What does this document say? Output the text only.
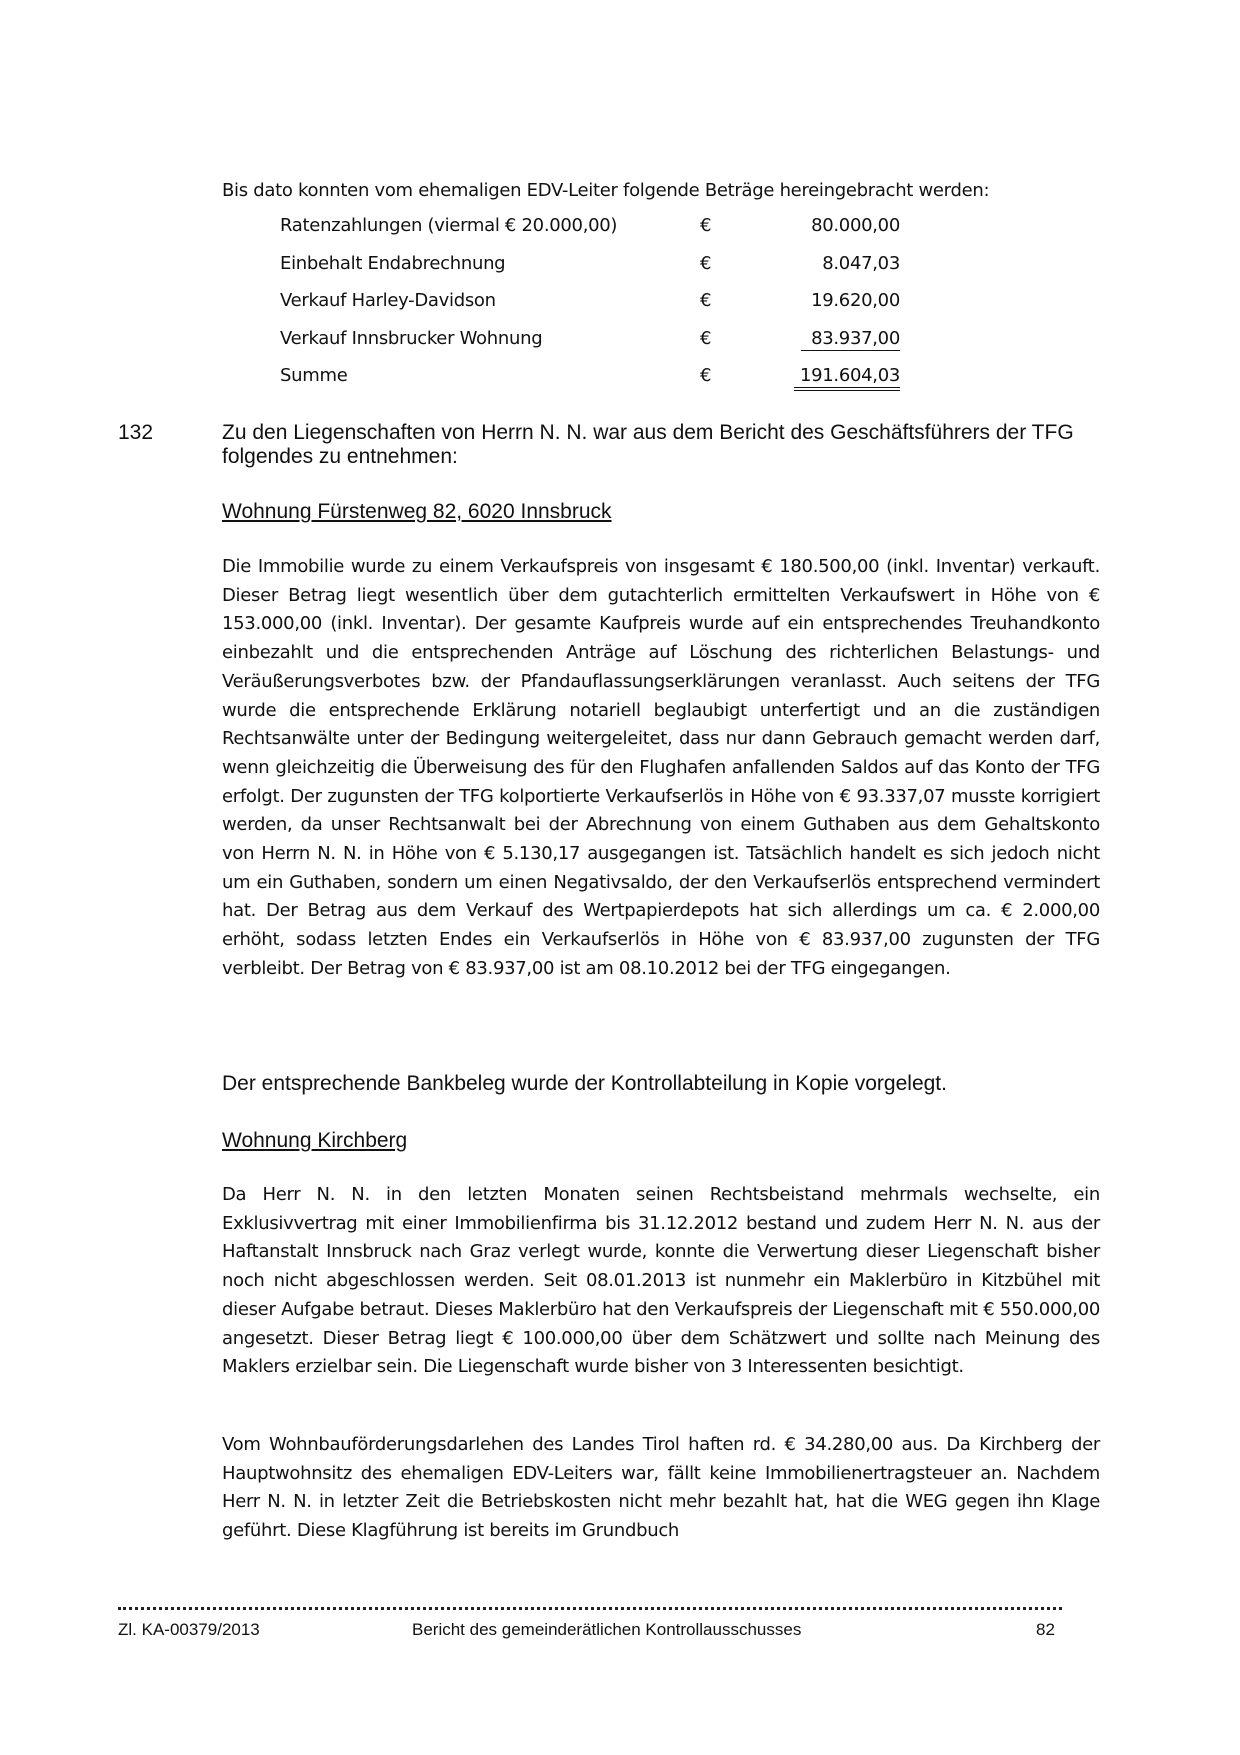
Bis dato konnten vom ehemaligen EDV-Leiter folgende Beträge hereingebracht werden:
Ratenzahlungen (viermal € 20.000,00)	€	80.000,00
Einbehalt Endabrechnung	€	8.047,03
Verkauf Harley-Davidson	€	19.620,00
Verkauf Innsbrucker Wohnung	€	83.937,00
Summe	€	191.604,03
132	Zu den Liegenschaften von Herrn N. N. war aus dem Bericht des Geschäftsführers der TFG folgendes zu entnehmen:
Wohnung Fürstenweg 82, 6020 Innsbruck
Die Immobilie wurde zu einem Verkaufspreis von insgesamt € 180.500,00 (inkl. Inventar) verkauft. Dieser Betrag liegt wesentlich über dem gutachterlich ermittelten Verkaufswert in Höhe von € 153.000,00 (inkl. Inventar). Der gesamte Kaufpreis wurde auf ein entsprechendes Treuhandkonto einbezahlt und die entsprechenden Anträge auf Löschung des richterlichen Belastungs- und Veräußerungsverbotes bzw. der Pfandauflassungserklärungen veranlasst. Auch seitens der TFG wurde die entsprechende Erklärung notariell beglaubigt unterfertigt und an die zuständigen Rechtsanwälte unter der Bedingung weitergeleitet, dass nur dann Gebrauch gemacht werden darf, wenn gleichzeitig die Überweisung des für den Flughafen anfallenden Saldos auf das Konto der TFG erfolgt. Der zugunsten der TFG kolportierte Verkaufserlös in Höhe von € 93.337,07 musste korrigiert werden, da unser Rechtsanwalt bei der Abrechnung von einem Guthaben aus dem Gehaltskonto von Herrn N. N. in Höhe von € 5.130,17 ausgegangen ist. Tatsächlich handelt es sich jedoch nicht um ein Guthaben, sondern um einen Negativsaldo, der den Verkaufserlös entsprechend vermindert hat. Der Betrag aus dem Verkauf des Wertpapierdepots hat sich allerdings um ca. € 2.000,00 erhöht, sodass letzten Endes ein Verkaufserlös in Höhe von € 83.937,00 zugunsten der TFG verbleibt. Der Betrag von € 83.937,00 ist am 08.10.2012 bei der TFG eingegangen.
Der entsprechende Bankbeleg wurde der Kontrollabteilung in Kopie vorgelegt.
Wohnung Kirchberg
Da Herr N. N. in den letzten Monaten seinen Rechtsbeistand mehrmals wechselte, ein Exklusivvertrag mit einer Immobilienfirma bis 31.12.2012 bestand und zudem Herr N. N. aus der Haftanstalt Innsbruck nach Graz verlegt wurde, konnte die Verwertung dieser Liegenschaft bisher noch nicht abgeschlossen werden. Seit 08.01.2013 ist nunmehr ein Maklerbüro in Kitzbühel mit dieser Aufgabe betraut. Dieses Maklerbüro hat den Verkaufspreis der Liegenschaft mit € 550.000,00 angesetzt. Dieser Betrag liegt € 100.000,00 über dem Schätzwert und sollte nach Meinung des Maklers erzielbar sein. Die Liegenschaft wurde bisher von 3 Interessenten besichtigt.
Vom Wohnbauförderungsdarlehen des Landes Tirol haften rd. € 34.280,00 aus. Da Kirchberg der Hauptwohnsitz des ehemaligen EDV-Leiters war, fällt keine Immobilienertragsteuer an. Nachdem Herr N. N. in letzter Zeit die Betriebskosten nicht mehr bezahlt hat, hat die WEG gegen ihn Klage geführt. Diese Klagführung ist bereits im Grundbuch
Zl. KA-00379/2013	Bericht des gemeinderätlichen Kontrollausschusses	82
